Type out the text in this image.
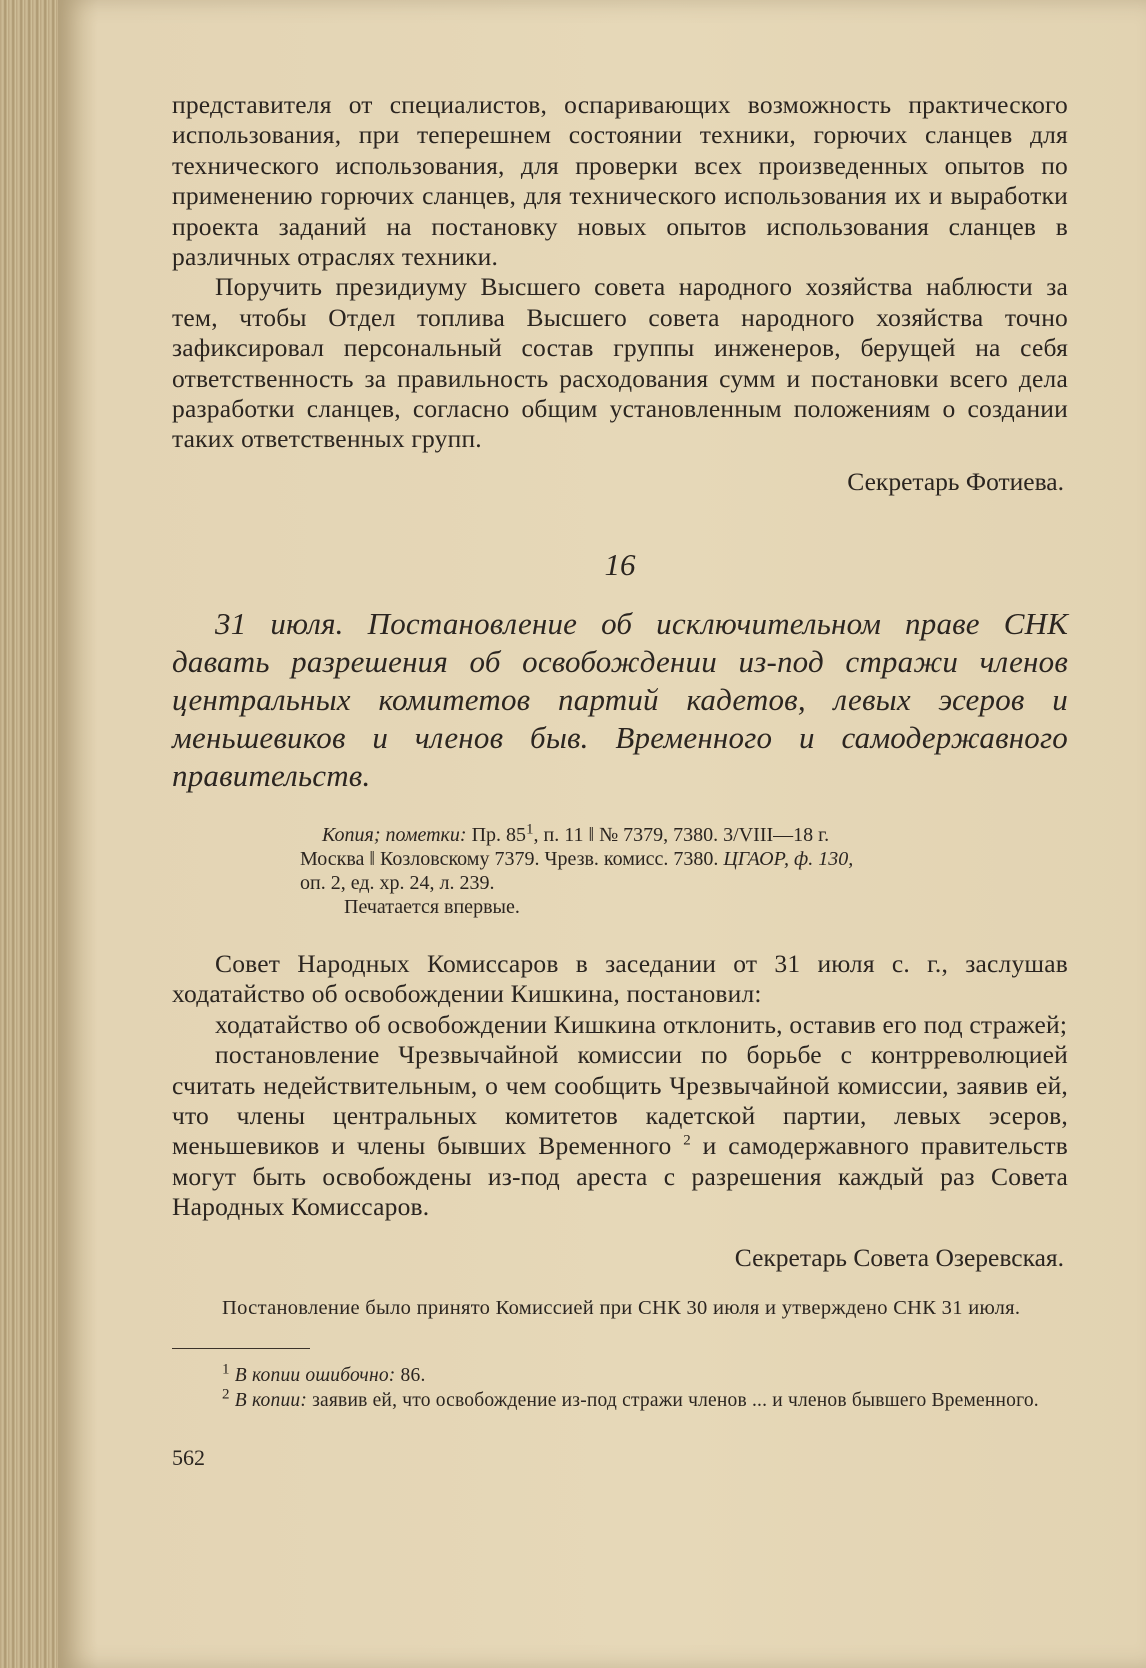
представителя от специалистов, оспаривающих возможность практического использования, при теперешнем состоянии техники, горючих сланцев для технического использования, для проверки всех произведенных опытов по применению горючих сланцев, для технического использования их и выработки проекта заданий на постановку новых опытов использования сланцев в различных отраслях техники.

Поручить президиуму Высшего совета народного хозяйства наблюсти за тем, чтобы Отдел топлива Высшего совета народного хозяйства точно зафиксировал персональный состав группы инженеров, берущей на себя ответственность за правильность расходования сумм и постановки всего дела разработки сланцев, согласно общим установленным положениям о создании таких ответственных групп.

Секретарь Фотиева.

16

31 июля. Постановление об исключительном праве СНК давать разрешения об освобождении из-под стражи членов центральных комитетов партий кадетов, левых эсеров и меньшевиков и членов быв. Временного и самодержавного правительств.

Копия; пометки: Пр. $85^1$, п. 11 ‖ № 7379, 7380. 3/VIII—18 г.

Москва ‖ Козловскому 7379. Чрезв. комисс. 7380. ЦГАОР, ф. 130,

оп. 2, ед. хр. 24, л. 239.

Печатается впервые.

Совет Народных Комиссаров в заседании от 31 июля с. г., заслушав ходатайство об освобождении Кишкина, постановил:

ходатайство об освобождении Кишкина отклонить, оставив его под стражей;

постановление Чрезвычайной комиссии по борьбе с контрреволюцией считать недействительным, о чем сообщить Чрезвычайной комиссии, заявив ей, что члены центральных комитетов кадетской партии, левых эсеров, меньшевиков и члены бывших Временного $^2$ и самодержавного правительств могут быть освобождены из-под ареста с разрешения каждый раз Совета Народных Комиссаров.

Секретарь Совета Озеревская.

Постановление было принято Комиссией при СНК 30 июля и утверждено СНК 31 июля.

$^1$ В копии ошибочно: 86.

$^2$ В копии: заявив ей, что освобождение из-под стражи членов ... и членов бывшего Временного.

562
